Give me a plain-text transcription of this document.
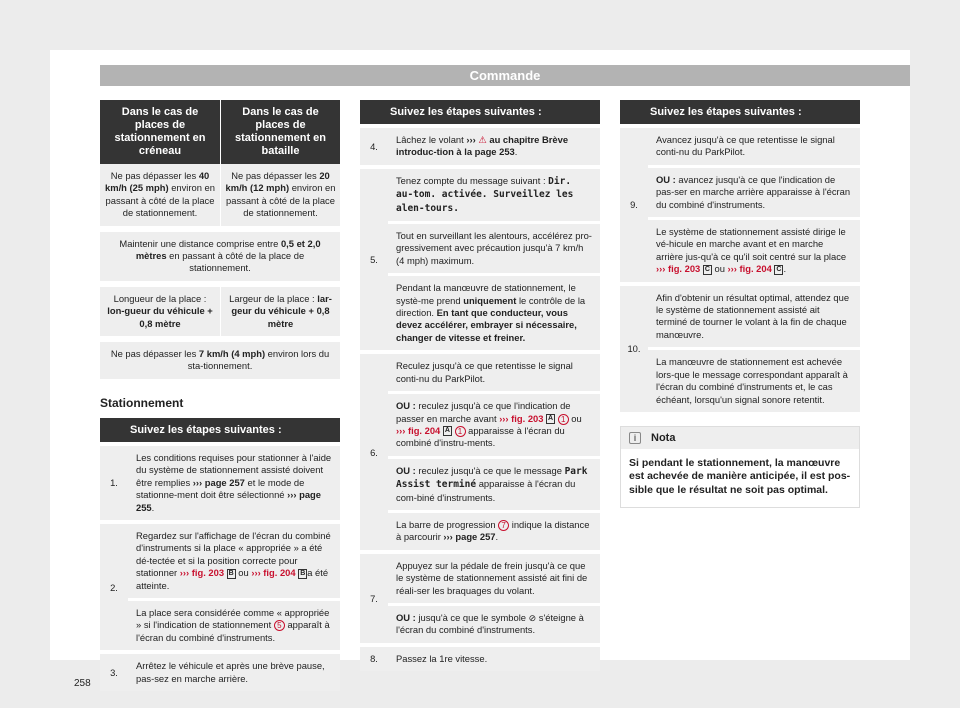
Commande
Dans le cas de places de stationnement en créneau
Dans le cas de places de stationnement en bataille
Ne pas dépasser les 40 km/h (25 mph) environ en passant à côté de la place de stationnement.
Ne pas dépasser les 20 km/h (12 mph) environ en passant à côté de la place de stationnement.
Maintenir une distance comprise entre 0,5 et 2,0 mètres en passant à côté de la place de stationnement.
Longueur de la place : lon-gueur du véhicule + 0,8 mètre
Largeur de la place : lar-geur du véhicule + 0,8 mètre
Ne pas dépasser les 7 km/h (4 mph) environ lors du sta-tionnement.
Stationnement
Suivez les étapes suivantes :
1.
Les conditions requises pour stationner à l'aide du système de stationnement assisté doivent être remplies ››› page 257 et le mode de stationne-ment doit être sélectionné ››› page 255.
2.
Regardez sur l'affichage de l'écran du combiné d'instruments si la place « appropriée » a été dé-tectée et si la position correcte pour stationner ››› fig. 203 B ou ››› fig. 204 B a été atteinte.
La place sera considérée comme « appropriée » si l'indication de stationnement 5 apparaît à l'écran du combiné d'instruments.
3.
Arrêtez le véhicule et après une brève pause, pas-sez en marche arrière.
Suivez les étapes suivantes :
4.
Lâchez le volant ››› ⚠ au chapitre Brève introduc-tion à la page 253.
5.
Tenez compte du message suivant : Dir. au-tom. activée. Surveillez les alen-tours.
Tout en surveillant les alentours, accélérez pro-gressivement avec précaution jusqu'à 7 km/h (4 mph) maximum.
Pendant la manœuvre de stationnement, le systè-me prend uniquement le contrôle de la direction. En tant que conducteur, vous devez accélérer, embrayer si nécessaire, changer de vitesse et freiner.
6.
Reculez jusqu'à ce que retentisse le signal conti-nu du ParkPilot.
OU : reculez jusqu'à ce que l'indication de passer en marche avant ››› fig. 203 A 1 ou ››› fig. 204 A 1 apparaisse à l'écran du combiné d'instru-ments.
OU : reculez jusqu'à ce que le message Park Assist terminé apparaisse à l'écran du com-biné d'instruments.
La barre de progression 7 indique la distance à parcourir ››› page 257.
7.
Appuyez sur la pédale de frein jusqu'à ce que le système de stationnement assisté ait fini de réali-ser les braquages du volant.
OU : jusqu'à ce que le symbole ⊘ s'éteigne à l'écran du combiné d'instruments.
8.	Passez la 1re vitesse.
Suivez les étapes suivantes :
9.
Avancez jusqu'à ce que retentisse le signal conti-nu du ParkPilot.
OU : avancez jusqu'à ce que l'indication de pas-ser en marche arrière apparaisse à l'écran du combiné d'instruments.
Le système de stationnement assisté dirige le vé-hicule en marche avant et en marche arrière jus-qu'à ce qu'il soit centré sur la place ››› fig. 203 C ou ››› fig. 204 C .
10.
Afin d'obtenir un résultat optimal, attendez que le système de stationnement assisté ait terminé de tourner le volant à la fin de chaque manœuvre.
La manœuvre de stationnement est achevée lors-que le message correspondant apparaît à l'écran du combiné d'instruments et, le cas échéant, lorsqu'un signal sonore retentit.
i	Nota
Si pendant le stationnement, la manœuvre est achevée de manière anticipée, il est pos-sible que le résultat ne soit pas optimal.
258
